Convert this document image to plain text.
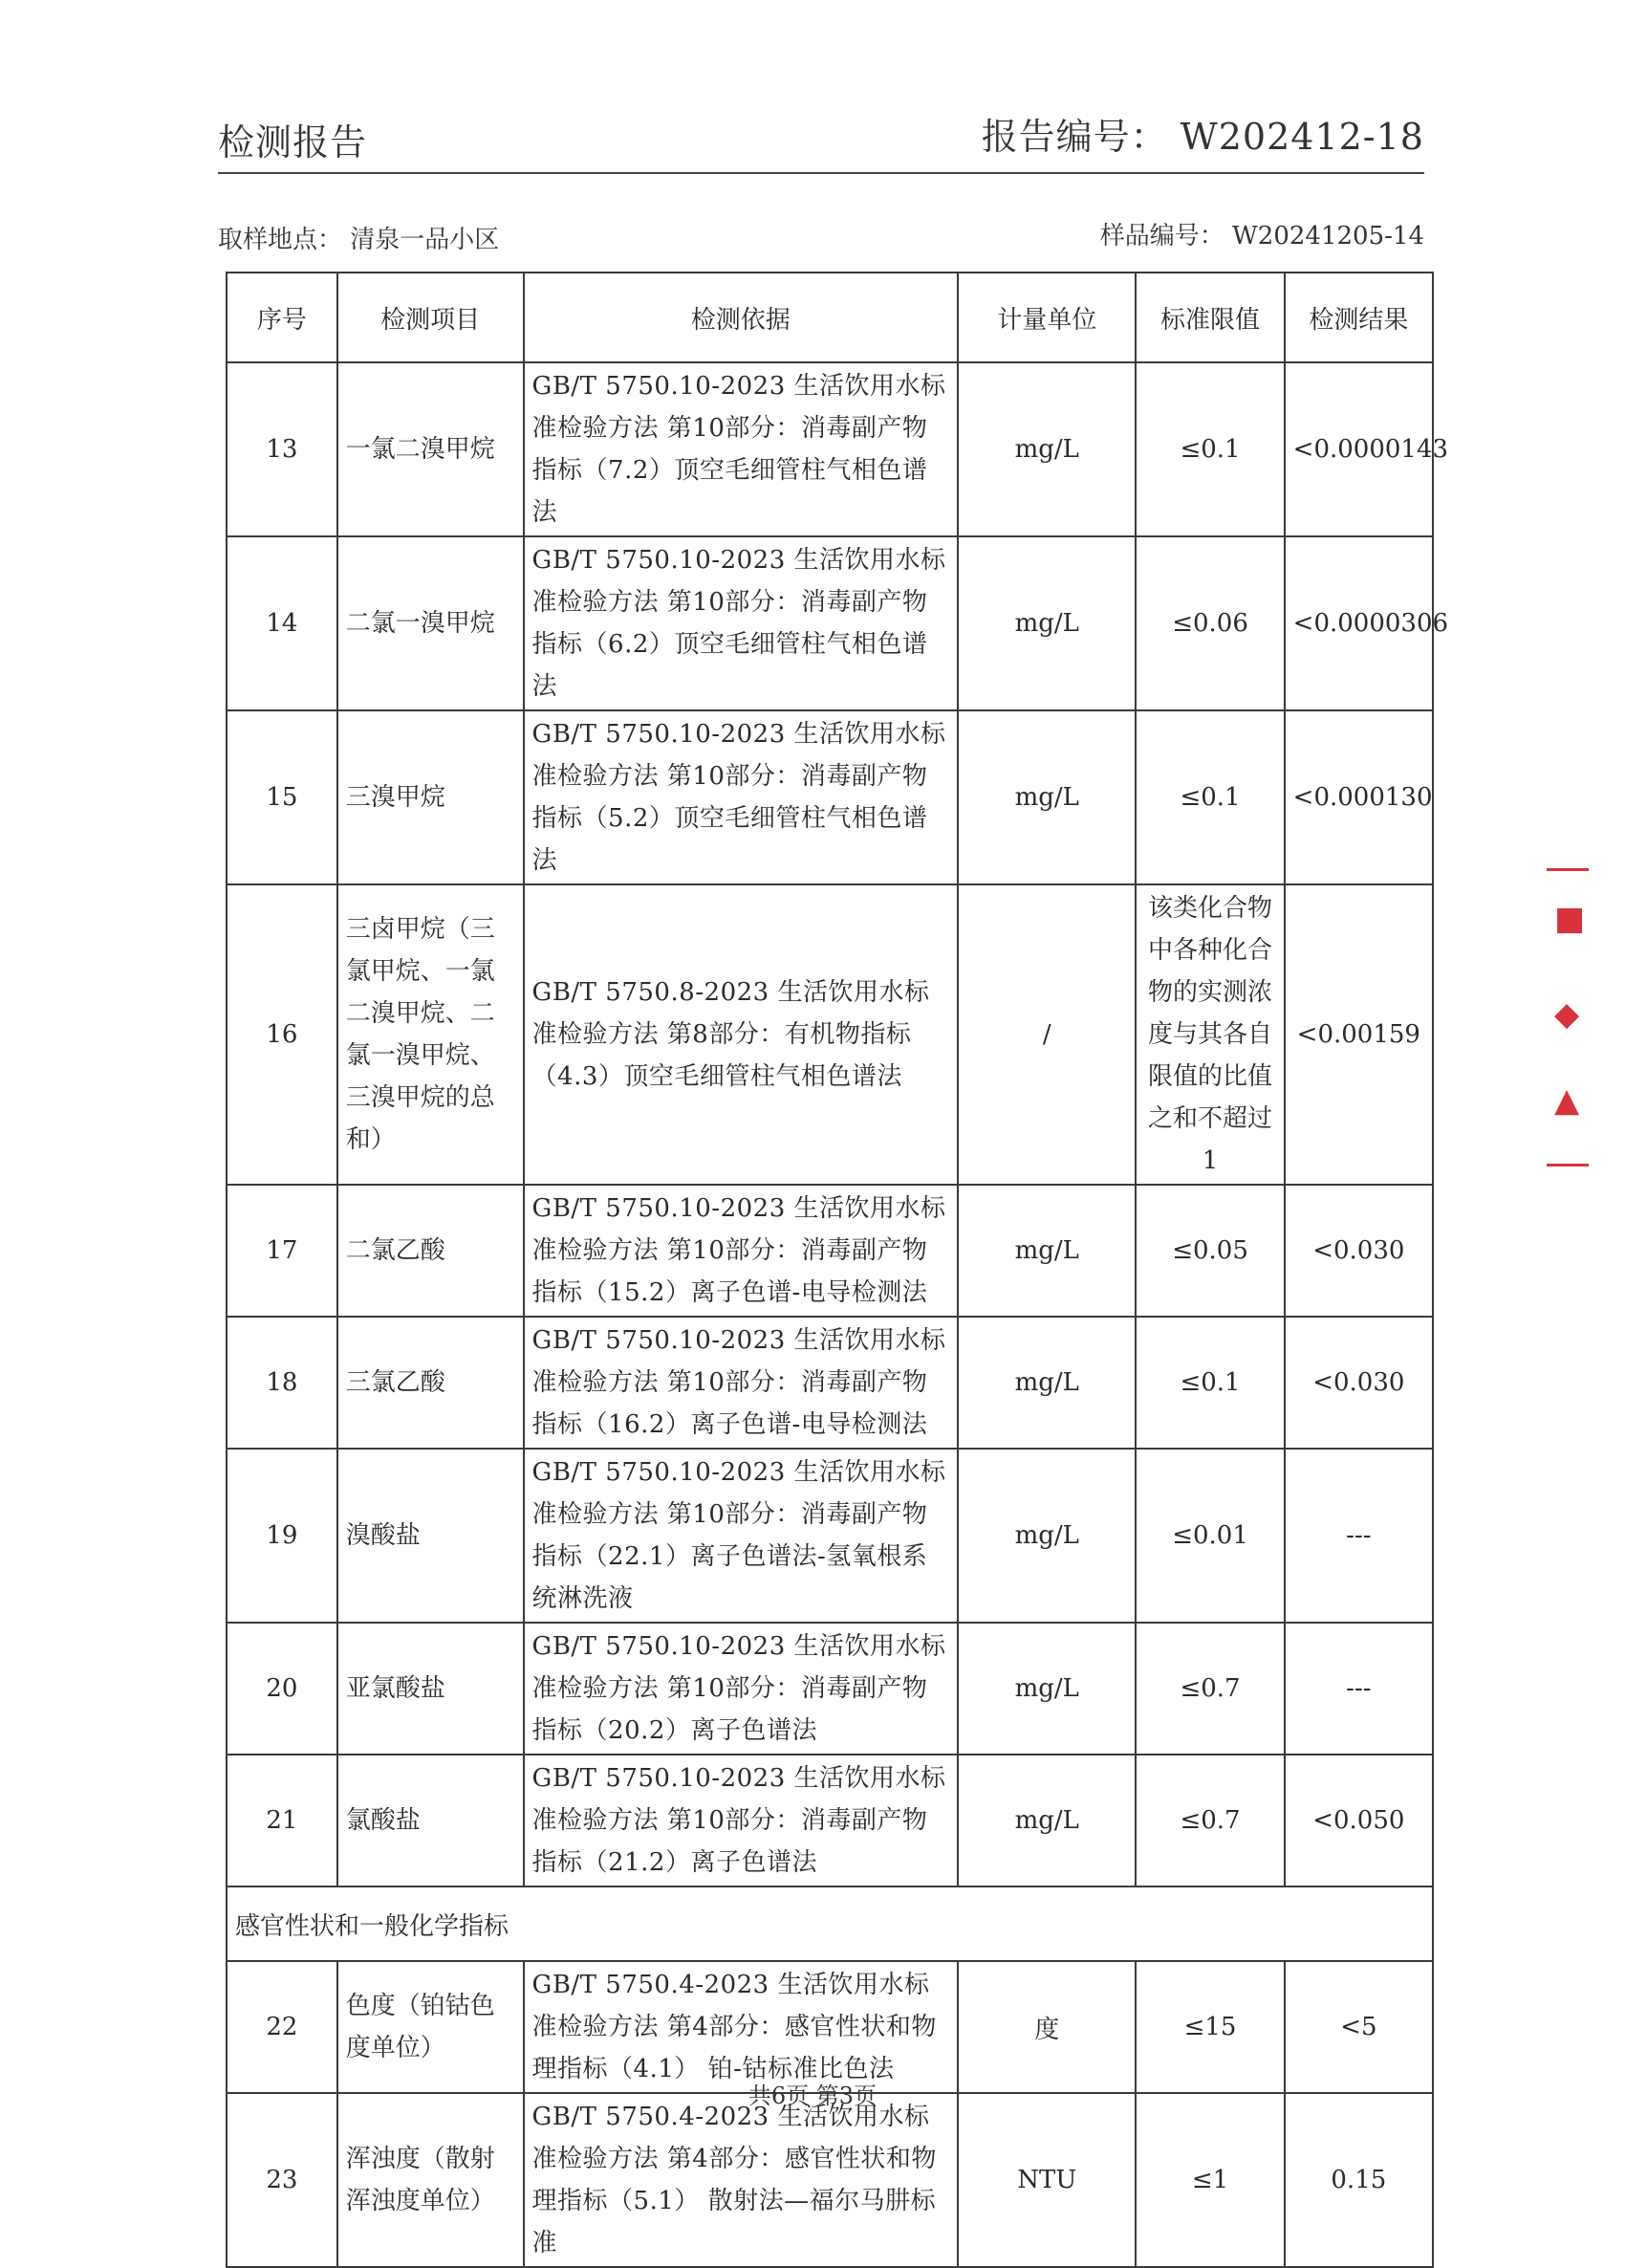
检测报告	报告编号： W202412-18
取样地点： 清泉一品小区	样品编号： W20241205-14
序号	检测项目	检测依据	计量单位	标准限值	检测结果
13	一氯二溴甲烷	GB/T 5750.10-2023 生活饮用水标准检验方法 第10部分：消毒副产物指标（7.2）顶空毛细管柱气相色谱法	mg/L	≤0.1	<0.0000143
14	二氯一溴甲烷	GB/T 5750.10-2023 生活饮用水标准检验方法 第10部分：消毒副产物指标（6.2）顶空毛细管柱气相色谱法	mg/L	≤0.06	<0.0000306
15	三溴甲烷	GB/T 5750.10-2023 生活饮用水标准检验方法 第10部分：消毒副产物指标（5.2）顶空毛细管柱气相色谱法	mg/L	≤0.1	<0.000130
16	三卤甲烷（三氯甲烷、一氯二溴甲烷、二氯一溴甲烷、三溴甲烷的总和）	GB/T 5750.8-2023 生活饮用水标准检验方法 第8部分：有机物指标（4.3）顶空毛细管柱气相色谱法	/	该类化合物中各种化合物的实测浓度与其各自限值的比值之和不超过1	<0.00159
17	二氯乙酸	GB/T 5750.10-2023 生活饮用水标准检验方法 第10部分：消毒副产物指标（15.2）离子色谱-电导检测法	mg/L	≤0.05	<0.030
18	三氯乙酸	GB/T 5750.10-2023 生活饮用水标准检验方法 第10部分：消毒副产物指标（16.2）离子色谱-电导检测法	mg/L	≤0.1	<0.030
19	溴酸盐	GB/T 5750.10-2023 生活饮用水标准检验方法 第10部分：消毒副产物指标（22.1）离子色谱法-氢氧根系统淋洗液	mg/L	≤0.01	---
20	亚氯酸盐	GB/T 5750.10-2023 生活饮用水标准检验方法 第10部分：消毒副产物指标（20.2）离子色谱法	mg/L	≤0.7	---
21	氯酸盐	GB/T 5750.10-2023 生活饮用水标准检验方法 第10部分：消毒副产物指标（21.2）离子色谱法	mg/L	≤0.7	<0.050
感官性状和一般化学指标					
22	色度（铂钴色度单位）	GB/T 5750.4-2023 生活饮用水标准检验方法 第4部分：感官性状和物理指标（4.1） 铂-钴标准比色法	度	≤15	<5
23	浑浊度（散射浑浊度单位）	GB/T 5750.4-2023 生活饮用水标准检验方法 第4部分：感官性状和物理指标（5.1） 散射法—福尔马肼标准	NTU	≤1	0.15
共6页 第3页
■
◆
▲
